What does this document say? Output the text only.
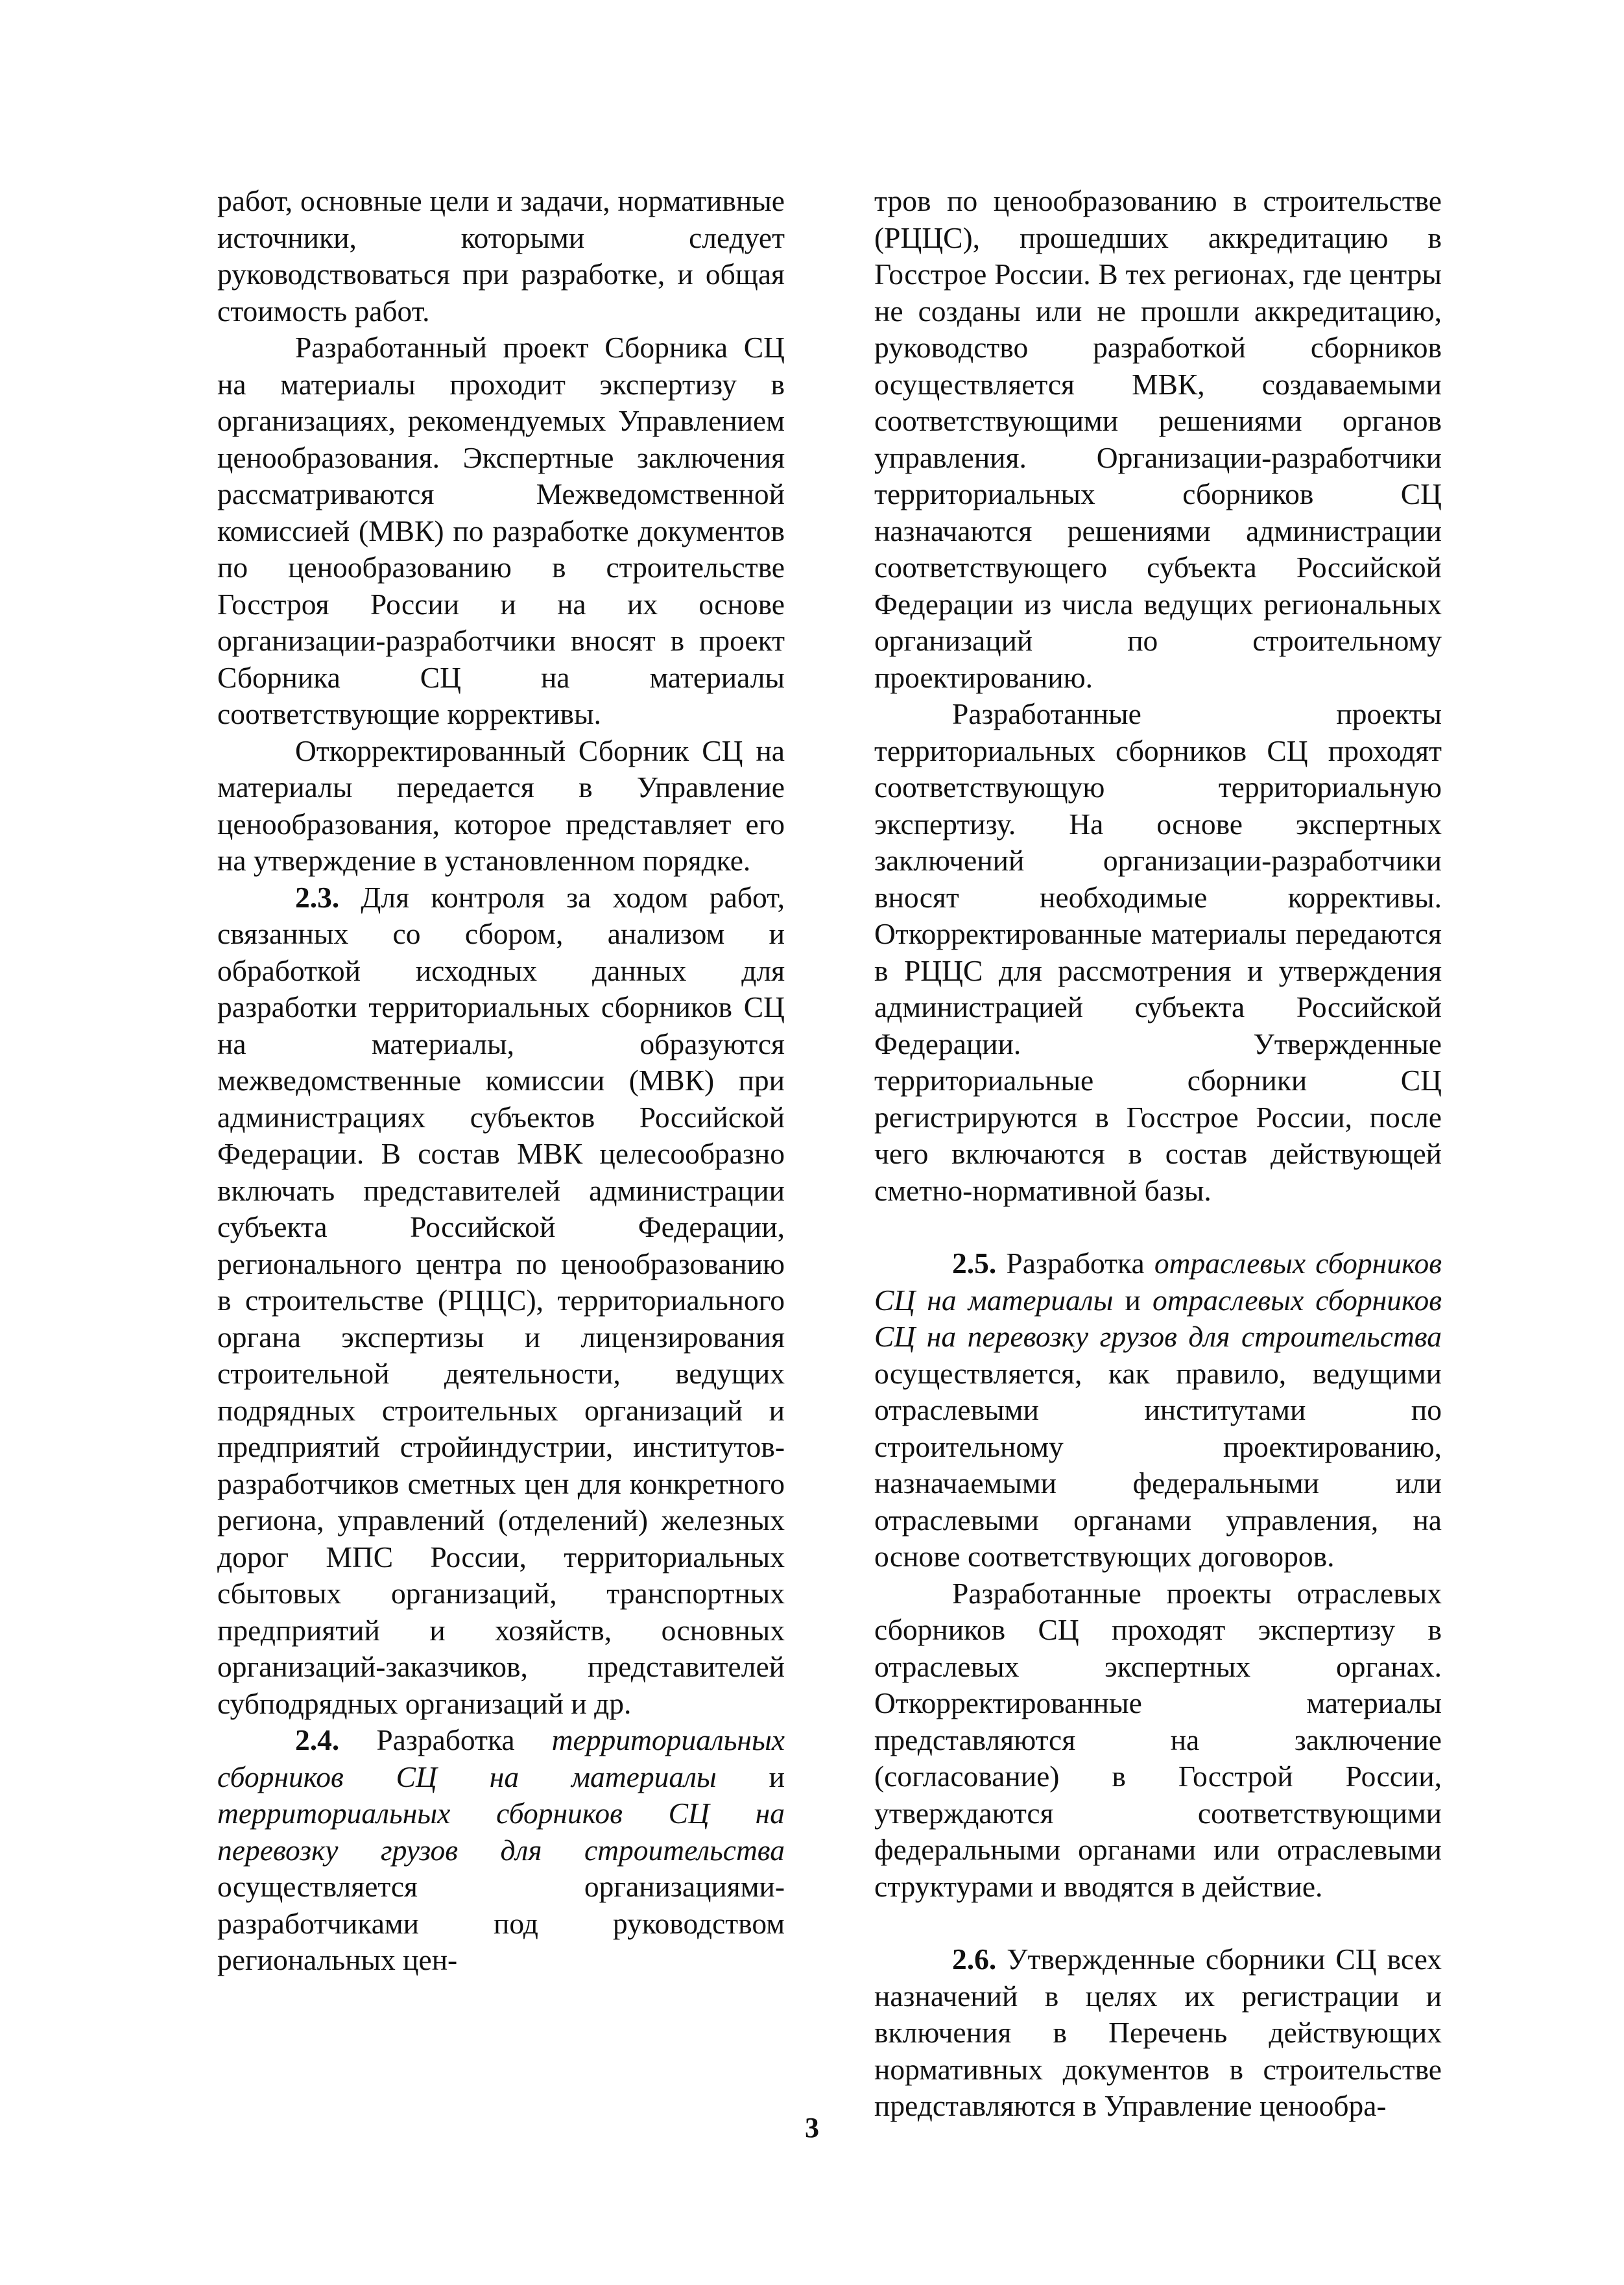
работ, основные цели и задачи, нормативные источники, которыми следует руководствоваться при разработке, и общая стоимость работ.

Разработанный проект Сборника СЦ на материалы проходит экспертизу в организациях, рекомендуемых Управлением ценообразования. Экспертные заключения рассматриваются Межведомственной комиссией (МВК) по разработке документов по ценообразованию в строительстве Госстроя России и на их основе организации-разработчики вносят в проект Сборника СЦ на материалы соответствующие коррективы.

Откорректированный Сборник СЦ на материалы передается в Управление ценообразования, которое представляет его на утверждение в установленном порядке.

2.3. Для контроля за ходом работ, связанных со сбором, анализом и обработкой исходных данных для разработки территориальных сборников СЦ на материалы, образуются межведомственные комиссии (МВК) при администрациях субъектов Российской Федерации. В состав МВК целесообразно включать представителей администрации субъекта Российской Федерации, регионального центра по ценообразованию в строительстве (РЦЦС), территориального органа экспертизы и лицензирования строительной деятельности, ведущих подрядных строительных организаций и предприятий стройиндустрии, институтов-разработчиков сметных цен для конкретного региона, управлений (отделений) железных дорог МПС России, территориальных сбытовых организаций, транспортных предприятий и хозяйств, основных организаций-заказчиков, представителей субподрядных организаций и др.

2.4. Разработка территориальных сборников СЦ на материалы и территориальных сборников СЦ на перевозку грузов для строительства осуществляется организациями-разработчиками под руководством региональных цен-

тров по ценообразованию в строительстве (РЦЦС), прошедших аккредитацию в Госстрое России. В тех регионах, где центры не созданы или не прошли аккредитацию, руководство разработкой сборников осуществляется МВК, создаваемыми соответствующими решениями органов управления. Организации-разработчики территориальных сборников СЦ назначаются решениями администрации соответствующего субъекта Российской Федерации из числа ведущих региональных организаций по строительному проектированию.

Разработанные проекты территориальных сборников СЦ проходят соответствующую территориальную экспертизу. На основе экспертных заключений организации-разработчики вносят необходимые коррективы. Откорректированные материалы передаются в РЦЦС для рассмотрения и утверждения администрацией субъекта Российской Федерации. Утвержденные территориальные сборники СЦ регистрируются в Госстрое России, после чего включаются в состав действующей сметно-нормативной базы.

2.5. Разработка отраслевых сборников СЦ на материалы и отраслевых сборников СЦ на перевозку грузов для строительства осуществляется, как правило, ведущими отраслевыми институтами по строительному проектированию, назначаемыми федеральными или отраслевыми органами управления, на основе соответствующих договоров.

Разработанные проекты отраслевых сборников СЦ проходят экспертизу в отраслевых экспертных органах. Откорректированные материалы представляются на заключение (согласование) в Госстрой России, утверждаются соответствующими федеральными органами или отраслевыми структурами и вводятся в действие.

2.6. Утвержденные сборники СЦ всех назначений в целях их регистрации и включения в Перечень действующих нормативных документов в строительстве представляются в Управление ценообра-

3
